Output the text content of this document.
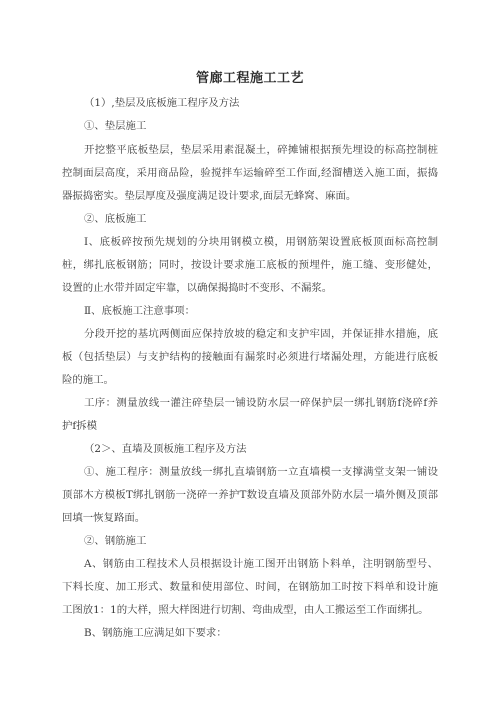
管廊工程施工工艺
（1）,垫层及底板施工程序及方法
①、垫层施工
开挖整平底板垫层，垫层采用素混凝土，碎摊铺根据预先埋设的标高控制桩
控制面层高度，采用商品险，验搅拌车运输碎至工作面,经溜槽送入施工面，振捣
器振捣密实。垫层厚度及强度满足设计要求,面层无蜂窝、麻面。
②、底板施工
Ⅰ、底板碎按预先规划的分块用钢模立模，用钢筋架设置底板顶面标高控制
桩，绑扎底板钢筋；同时，按设计要求施工底板的预埋件，施工缝、变形健处，
设置的止水带并固定牢靠，以确保揭捣时不变形、不漏浆。
Ⅱ、底板施工注意事项：
分段开挖的基坑两侧面应保持放坡的稳定和支护牢固，并保证排水措施，底
板（包括垫层）与支护结构的接触面有漏浆时必须进行堵漏处理，方能进行底板
险的施工。
工序：测量放线一灌注碎垫层一铺设防水层一碎保护层一绑扎钢筋f浇碎f养
护f拆模
（2＞、直墙及顶板施工程序及方法
①、施工程序：测量放线一绑扎直墙钢筋一立直墙模一支撑满堂支架一铺设
顶部木方模板T绑扎钢筋一浇碎一养护T数设直墙及顶部外防水层一墙外侧及顶部
回填一恢复路面。
②、钢筋施工
A、钢筋由工程技术人员根据设计施工图开出钢筋卜料单，注明钢筋型号、
下料长度、加工形式、数量和使用部位、时间，在钢筋加工时按下料单和设计施
工图放1：1的大样，照大样图进行切割、弯曲成型，由人工搬运至工作面绑扎。
B、钢筋施工应满足如下要求：
